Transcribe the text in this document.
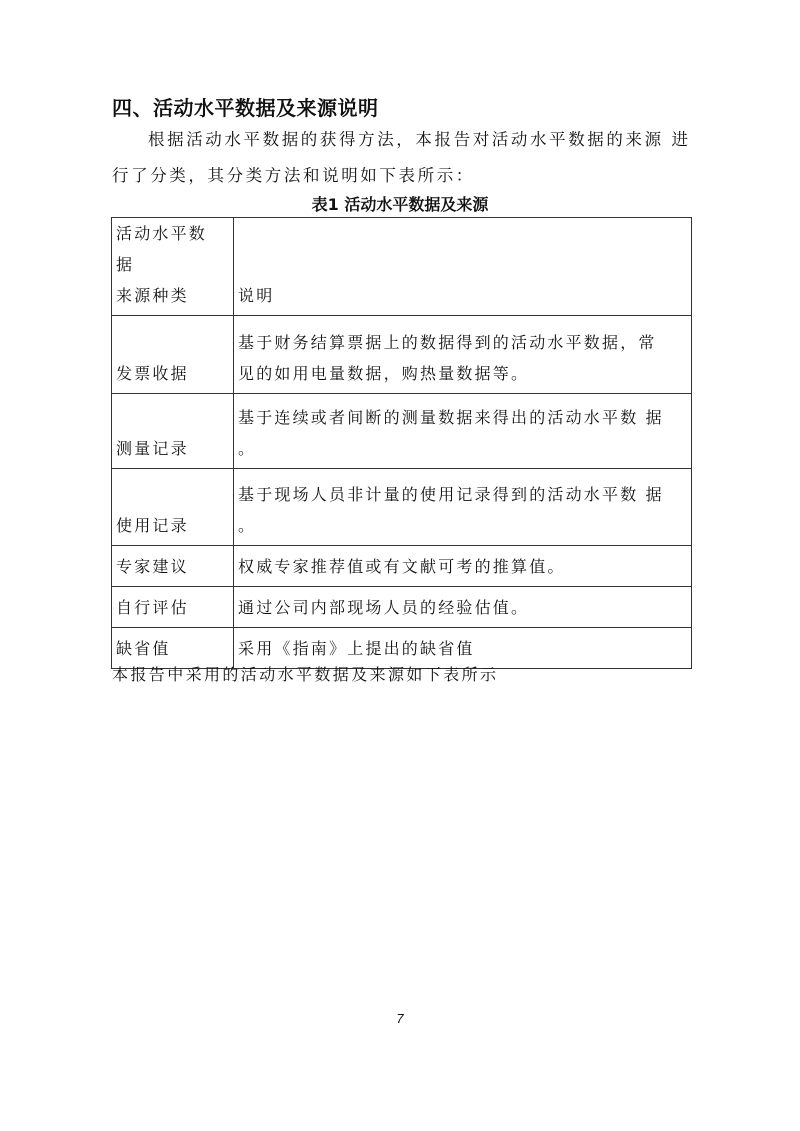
四、活动水平数据及来源说明
根据活动水平数据的获得方法，本报告对活动水平数据的来源 进
行了分类，其分类方法和说明如下表所示：
表1 活动水平数据及来源
活动水平数 据
来源种类	说明
发票收据	基于财务结算票据上的数据得到的活动水平数据，常
见的如用电量数据，购热量数据等。

测量记录	基于连续或者间断的测量数据来得出的活动水平数 据
。

使用记录	基于现场人员非计量的使用记录得到的活动水平数 据
。

专家建议	权威专家推荐值或有文献可考的推算值。
自行评估	通过公司内部现场人员的经验估值。
缺省值	采用《指南》上提出的缺省值
本报告中采用的活动水平数据及来源如下表所示
7
